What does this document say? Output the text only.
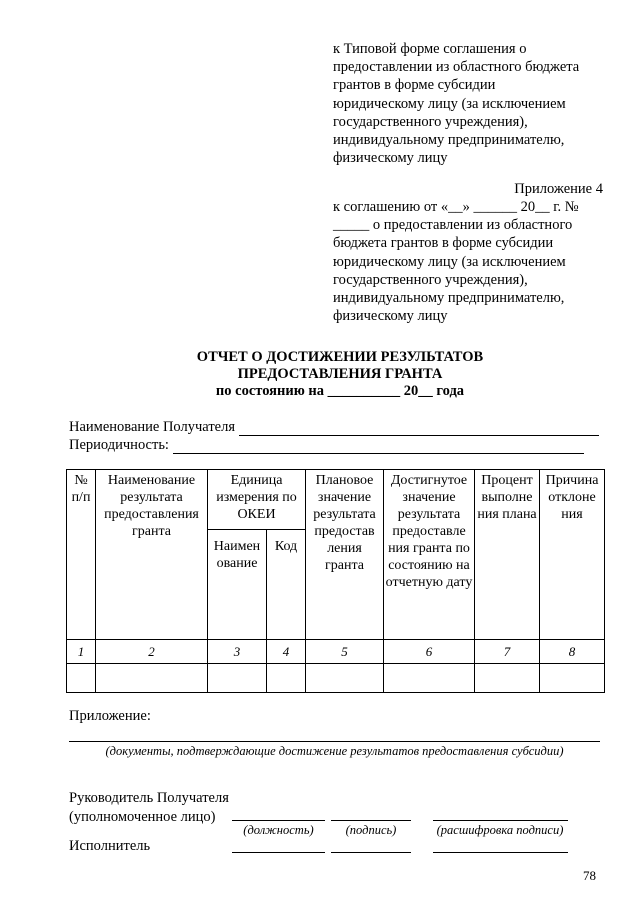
к Типовой форме соглашения о
предоставлении из областного бюджета
грантов в форме субсидии
юридическому лицу (за исключением
государственного учреждения),
индивидуальному предпринимателю,
физическому лицу
Приложение 4
к соглашению от «__» ______ 20__ г. №
_____ о предоставлении из областного
бюджета грантов в форме субсидии
юридическому лицу (за исключением
государственного учреждения),
индивидуальному предпринимателю,
физическому лицу
ОТЧЕТ О ДОСТИЖЕНИИ РЕЗУЛЬТАТОВ
ПРЕДОСТАВЛЕНИЯ ГРАНТА
по состоянию на __________ 20__ года
Наименование Получателя
Периодичность:
№ п/п	Наименование результата предоставления гранта	Единица измерения по ОКЕИ		Плановое значение результата предостав ления гранта	Достигнутое значение результата предоставле ния гранта по состоянию на отчетную дату	Процент выполне ния плана	Причина отклоне ния
		Наимен ование	Код				
1	2	3	4	5	6	7	8

Приложение:
(документы, подтверждающие достижение результатов предоставления субсидии)
Руководитель Получателя
(уполномоченное лицо)
(должность)	(подпись)	(расшифровка подписи)
Исполнитель
78
